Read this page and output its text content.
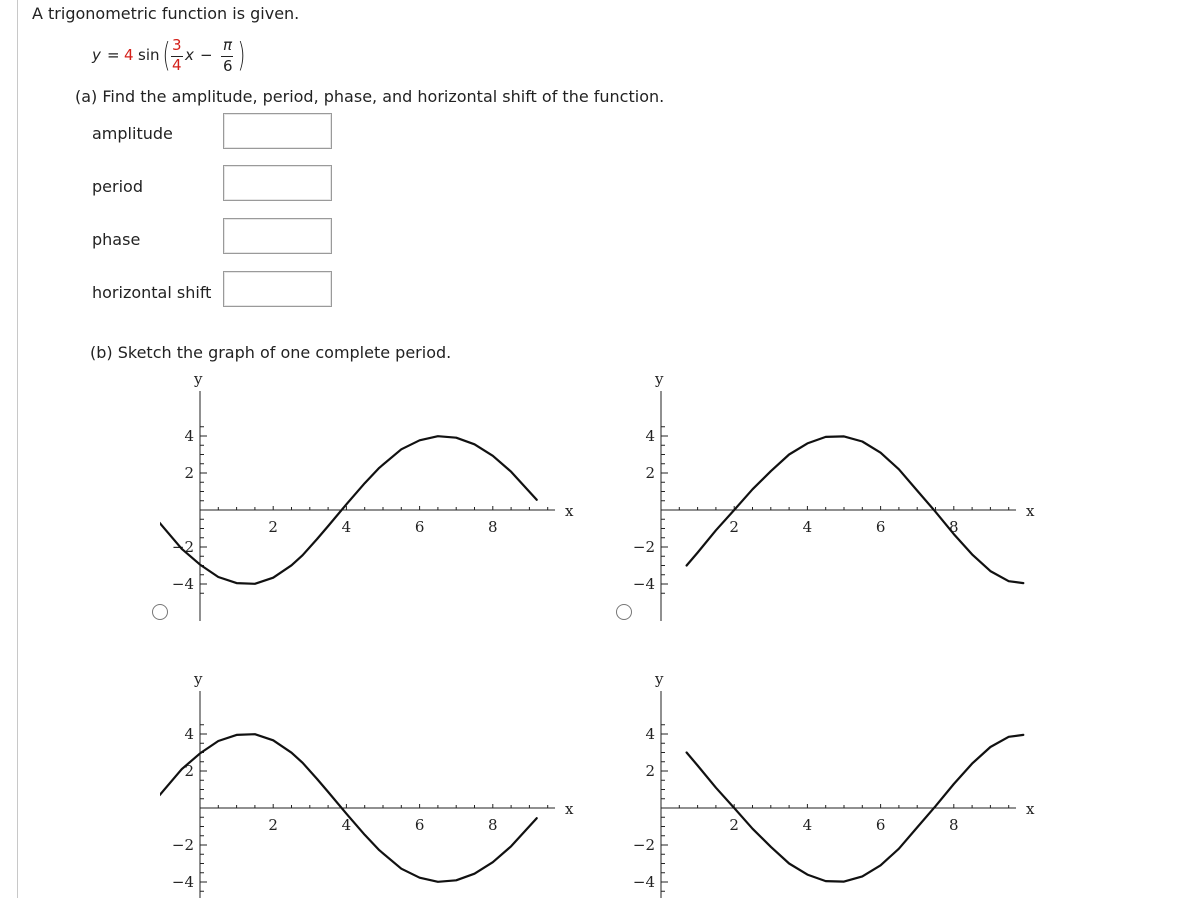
A trigonometric function is given.
y = 4 sin ( 3
4
x −
π
6 )
(a) Find the amplitude, period, phase, and horizontal shift of the function.
amplitude
period
phase
horizontal shift
(b) Sketch the graph of one complete period.
x
y
2	4	6	8
4
2
−2
−4
x
y
2	4	6	8
4
2
−2
−4
x
y
2	4	6	8
4
2
−2
−4
x
y
2	4	6	8
4
2
−2
−4
